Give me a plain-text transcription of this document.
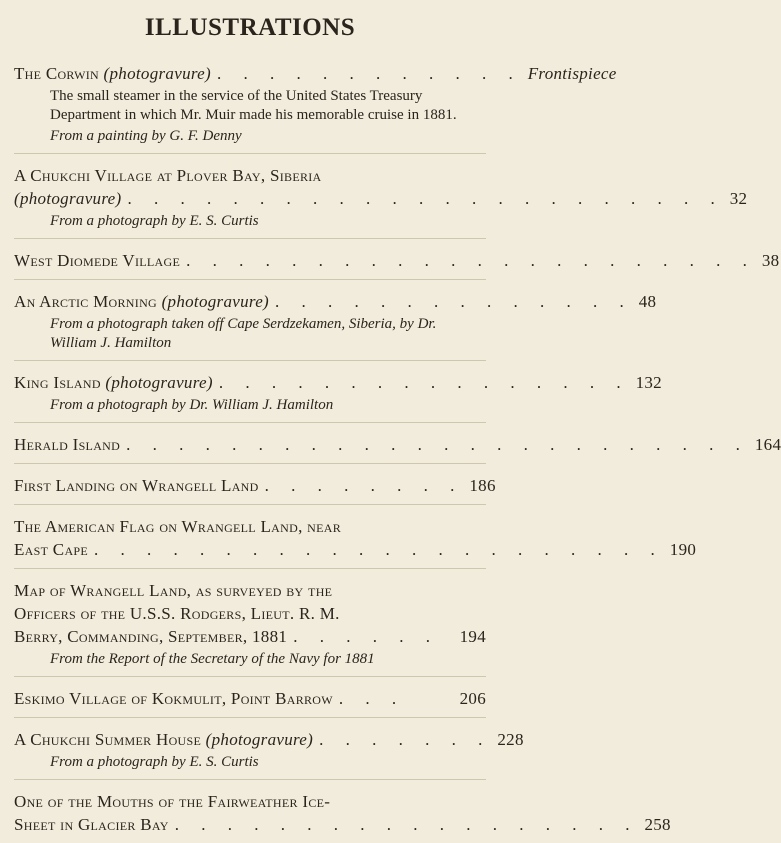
ILLUSTRATIONS
The Corwin (photogravure) . . . . . . . . . . . . Frontispiece
The small steamer in the service of the United States Treasury Department in which Mr. Muir made his memorable cruise in 1881.
From a painting by G. F. Denny
A Chukchi Village at Plover Bay, Siberia
(photogravure) . . . . . . . . . . . . . . . . . . . . . . . 32
From a photograph by E. S. Curtis
West Diomede Village . . . . . . . . . . . . . . . . . . . . . . 38
An Arctic Morning (photogravure) . . . . . . . . . . . . . . 48
From a photograph taken off Cape Serdzekamen, Siberia, by Dr. William J. Hamilton
King Island (photogravure) . . . . . . . . . . . . . . . . 132
From a photograph by Dr. William J. Hamilton
Herald Island . . . . . . . . . . . . . . . . . . . . . . . . 164
First Landing on Wrangell Land . . . . . . . . 186
The American Flag on Wrangell Land, near
East Cape . . . . . . . . . . . . . . . . . . . . . . 190
Map of Wrangell Land, as surveyed by the
Officers of the U.S.S. Rodgers, Lieut. R. M.
Berry, Commanding, September, 1881 . . . . . .	194
From the Report of the Secretary of the Navy for 1881
Eskimo Village of Kokmulit, Point Barrow . . .	206
A Chukchi Summer House (photogravure) . . . . . . . 228
From a photograph by E. S. Curtis
One of the Mouths of the Fairweather Ice-
Sheet in Glacier Bay . . . . . . . . . . . . . . . . . . 258
